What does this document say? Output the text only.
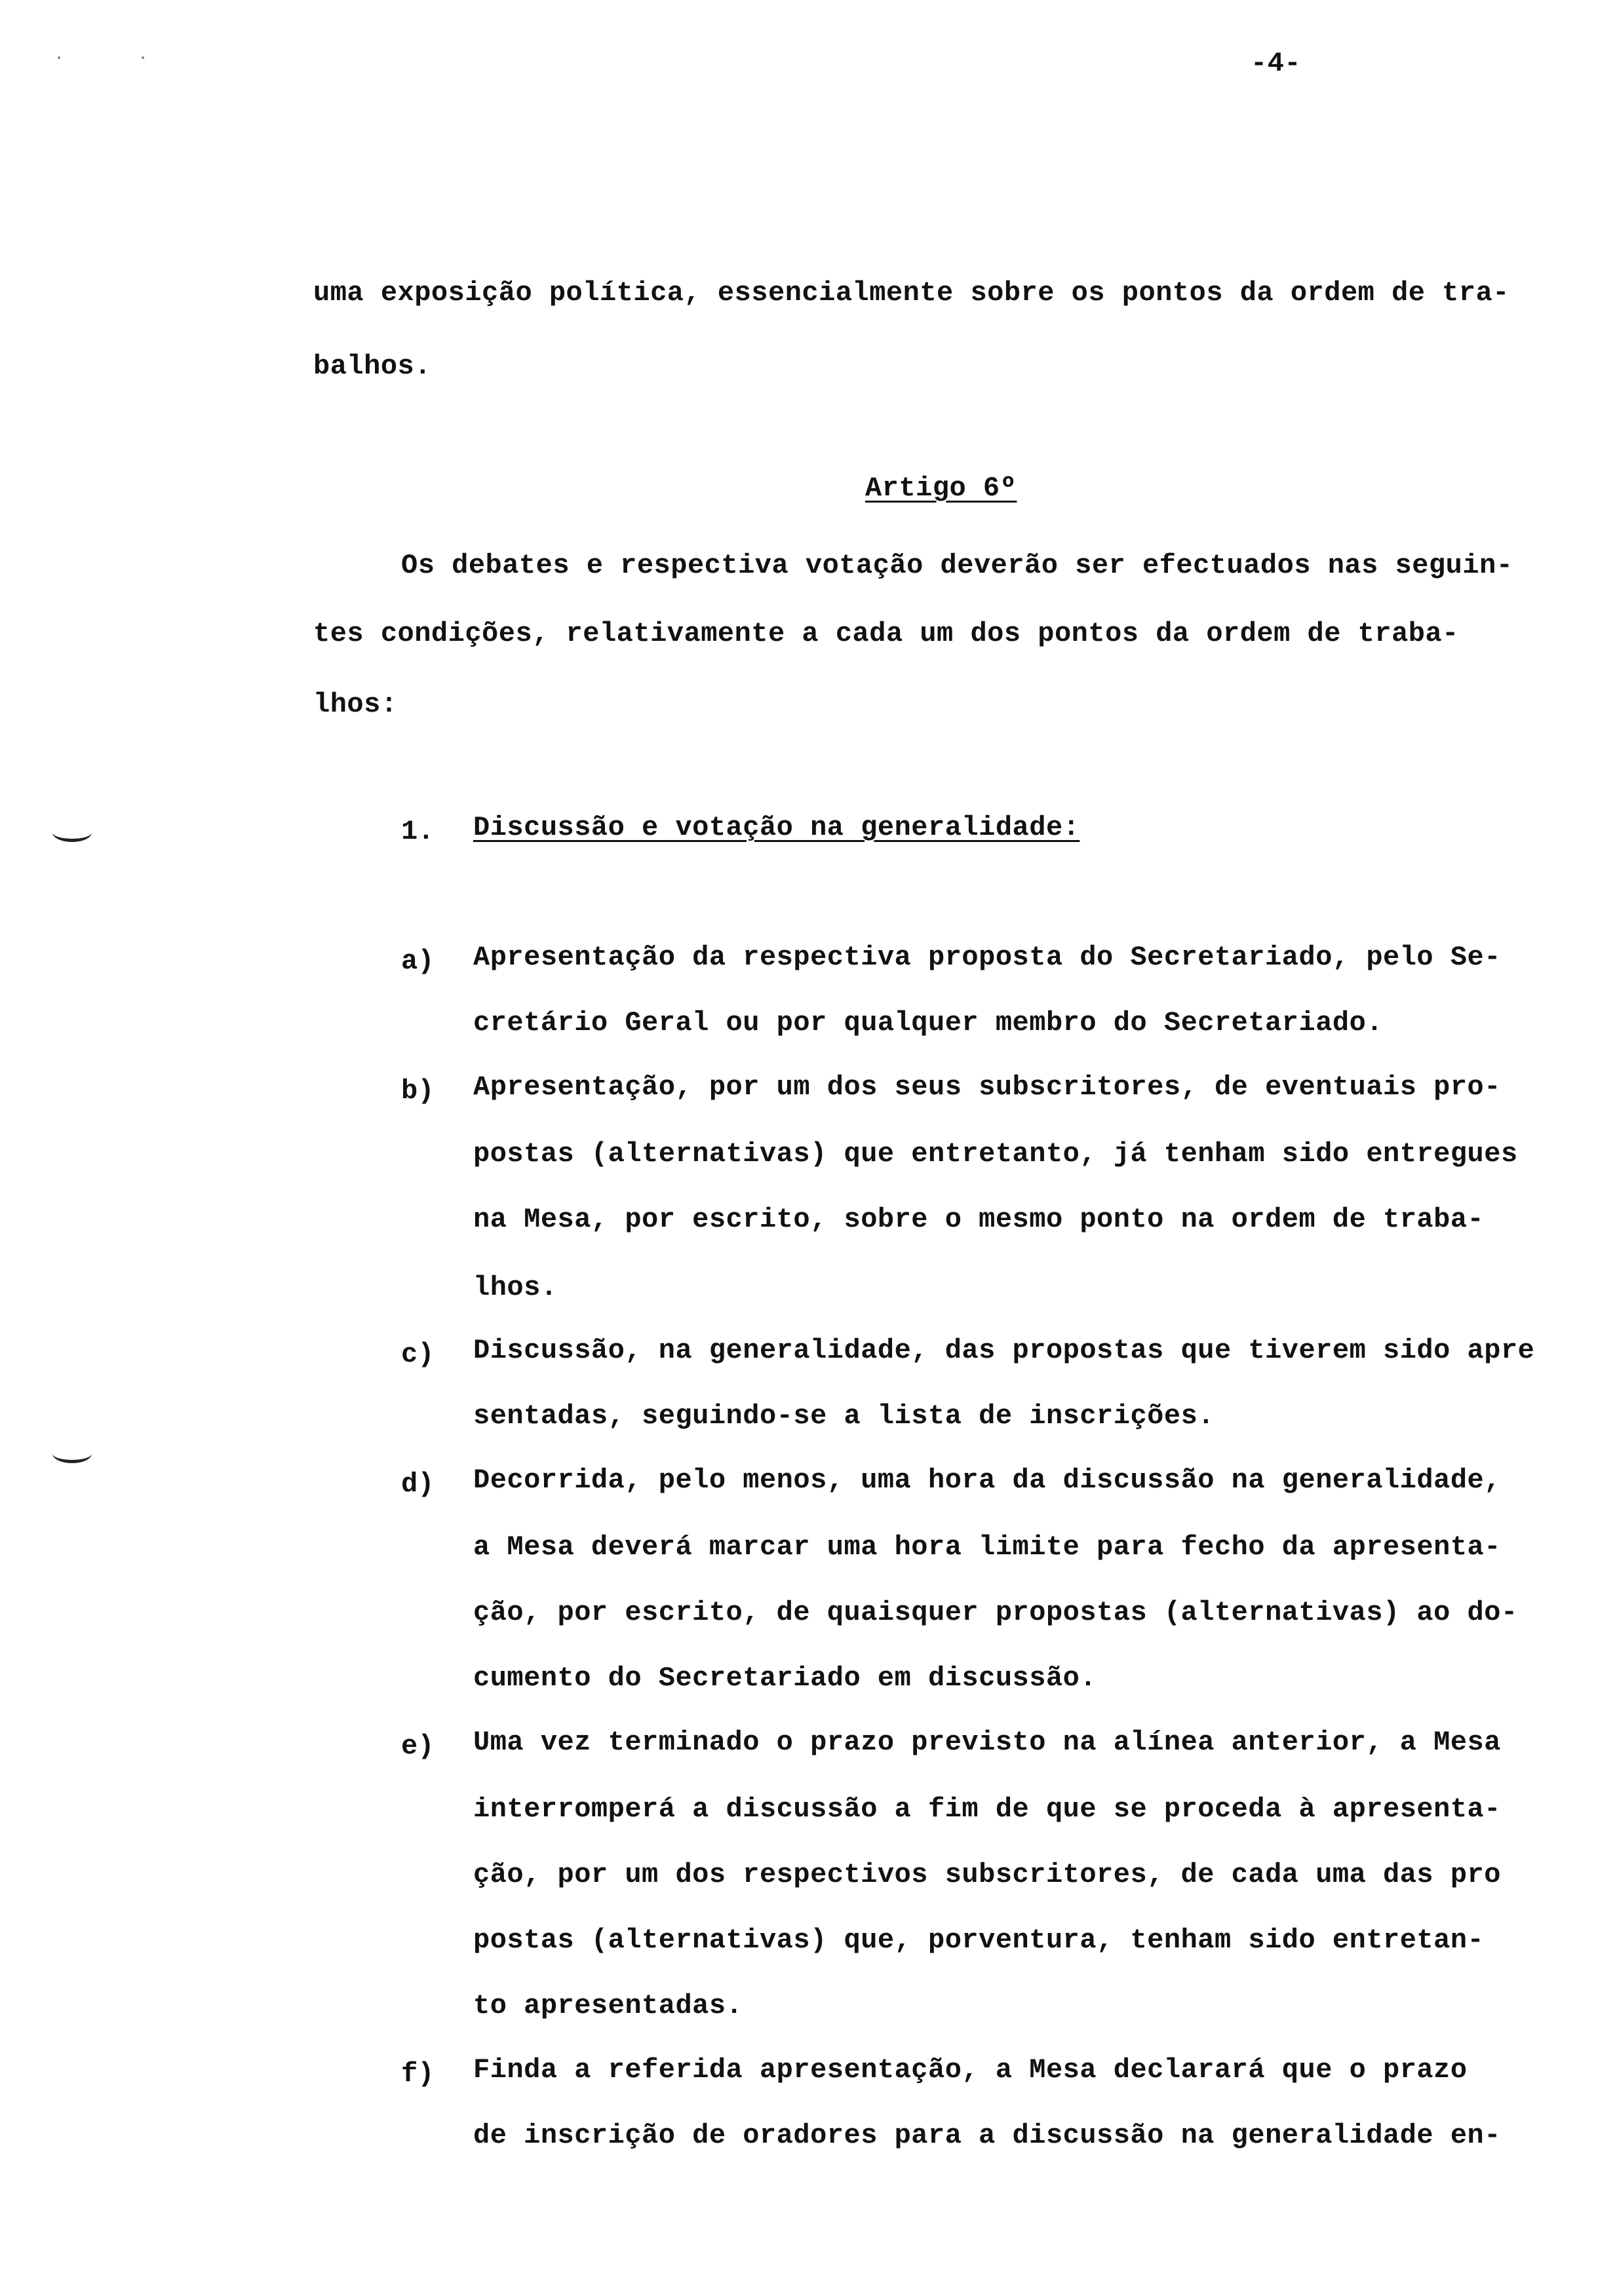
-4-
uma exposição política, essencialmente sobre os pontos da ordem de tra-
balhos.
Artigo 6º
Os debates e respectiva votação deverão ser efectuados nas seguin-
tes condições, relativamente a cada um dos pontos da ordem de traba-
lhos:
1. Discussão e votação na generalidade:
a) Apresentação da respectiva proposta do Secretariado, pelo Se-
cretário Geral ou por qualquer membro do Secretariado.
b) Apresentação, por um dos seus subscritores, de eventuais pro-
postas (alternativas) que entretanto, já tenham sido entregues
na Mesa, por escrito, sobre o mesmo ponto na ordem de traba-
lhos.
c) Discussão, na generalidade, das propostas que tiverem sido apre
sentadas, seguindo-se a lista de inscrições.
d) Decorrida, pelo menos, uma hora da discussão na generalidade,
a Mesa deverá marcar uma hora limite para fecho da apresenta-
ção, por escrito, de quaisquer propostas (alternativas) ao do-
cumento do Secretariado em discussão.
e) Uma vez terminado o prazo previsto na alínea anterior, a Mesa
interromperá a discussão a fim de que se proceda à apresenta-
ção, por um dos respectivos subscritores, de cada uma das pro
postas (alternativas) que, porventura, tenham sido entretan-
to apresentadas.
f) Finda a referida apresentação, a Mesa declarará que o prazo
de inscrição de oradores para a discussão na generalidade en-
